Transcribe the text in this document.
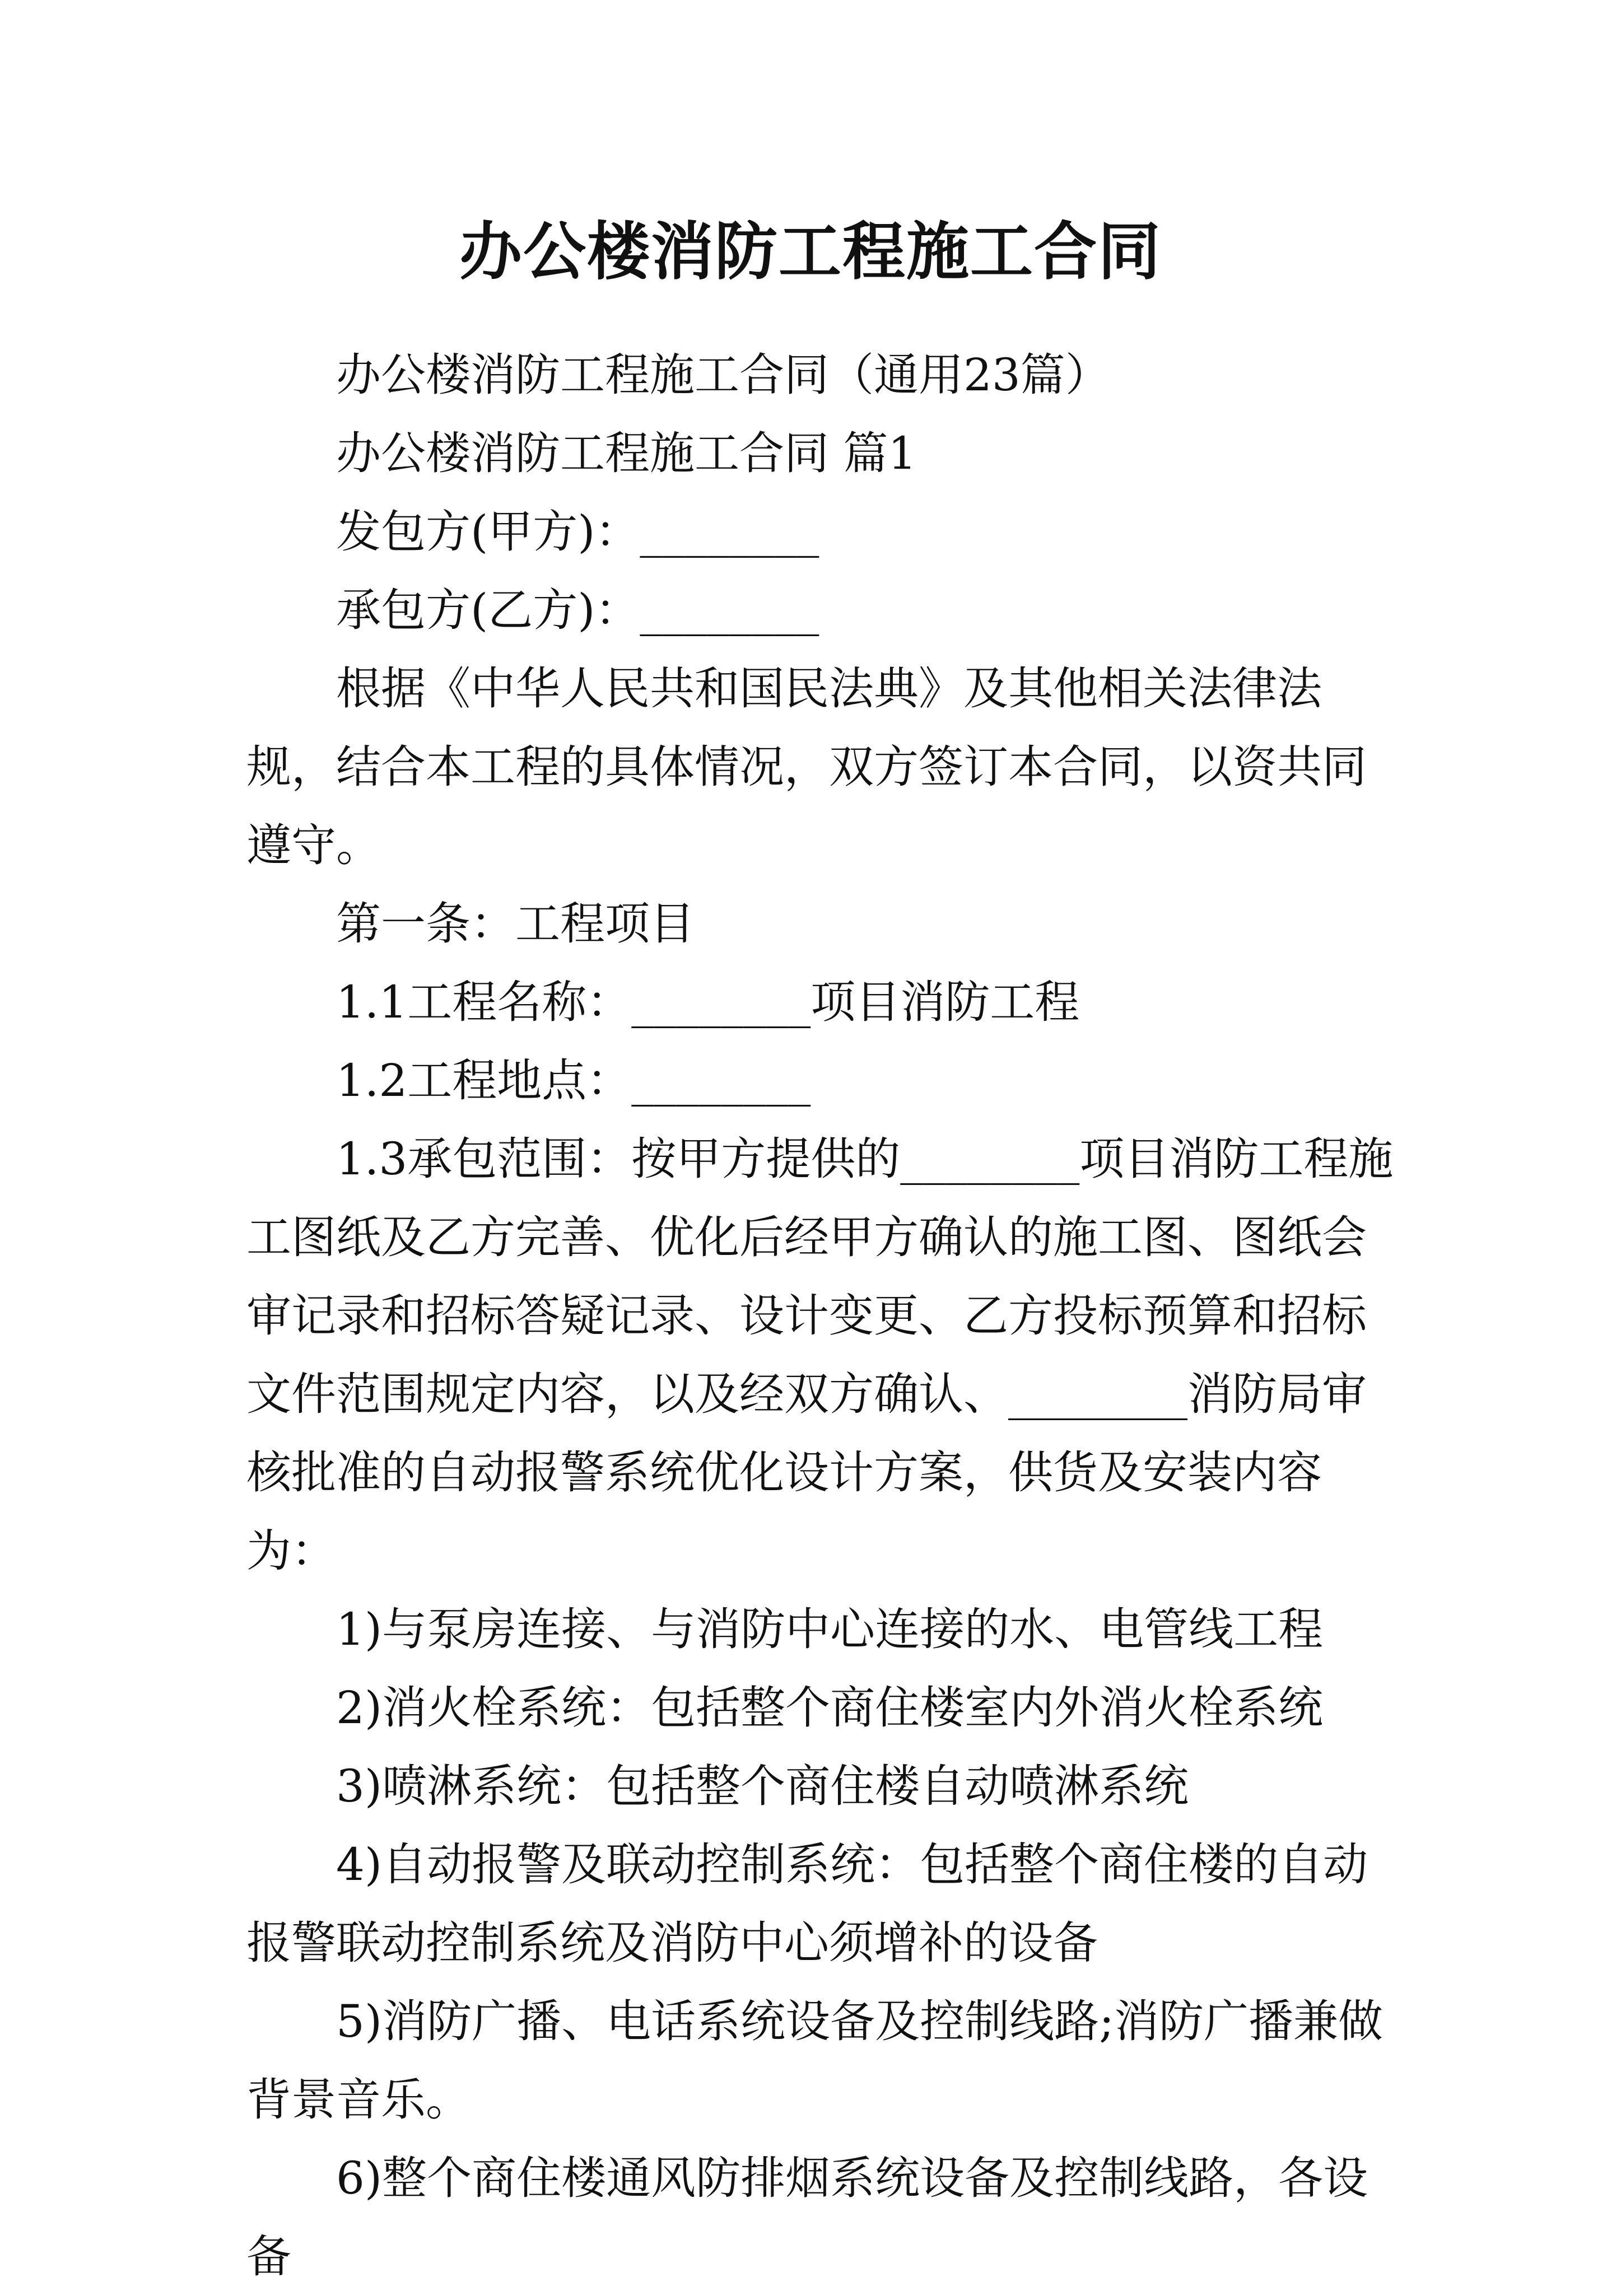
办公楼消防工程施工合同

办公楼消防工程施工合同（通用23篇）

办公楼消防工程施工合同 篇1

发包方(甲方)：________

承包方(乙方)：________

根据《中华人民共和国民法典》及其他相关法律法规，结合本工程的具体情况，双方签订本合同，以资共同遵守。

第一条：工程项目

1.1工程名称：________项目消防工程

1.2工程地点：________

1.3承包范围：按甲方提供的________项目消防工程施工图纸及乙方完善、优化后经甲方确认的施工图、图纸会审记录和招标答疑记录、设计变更、乙方投标预算和招标文件范围规定内容，以及经双方确认、________消防局审核批准的自动报警系统优化设计方案，供货及安装内容为：

1)与泵房连接、与消防中心连接的水、电管线工程

2)消火栓系统：包括整个商住楼室内外消火栓系统

3)喷淋系统：包括整个商住楼自动喷淋系统

4)自动报警及联动控制系统：包括整个商住楼的自动报警联动控制系统及消防中心须增补的设备

5)消防广播、电话系统设备及控制线路;消防广播兼做背景音乐。

6)整个商住楼通风防排烟系统设备及控制线路，各设备
